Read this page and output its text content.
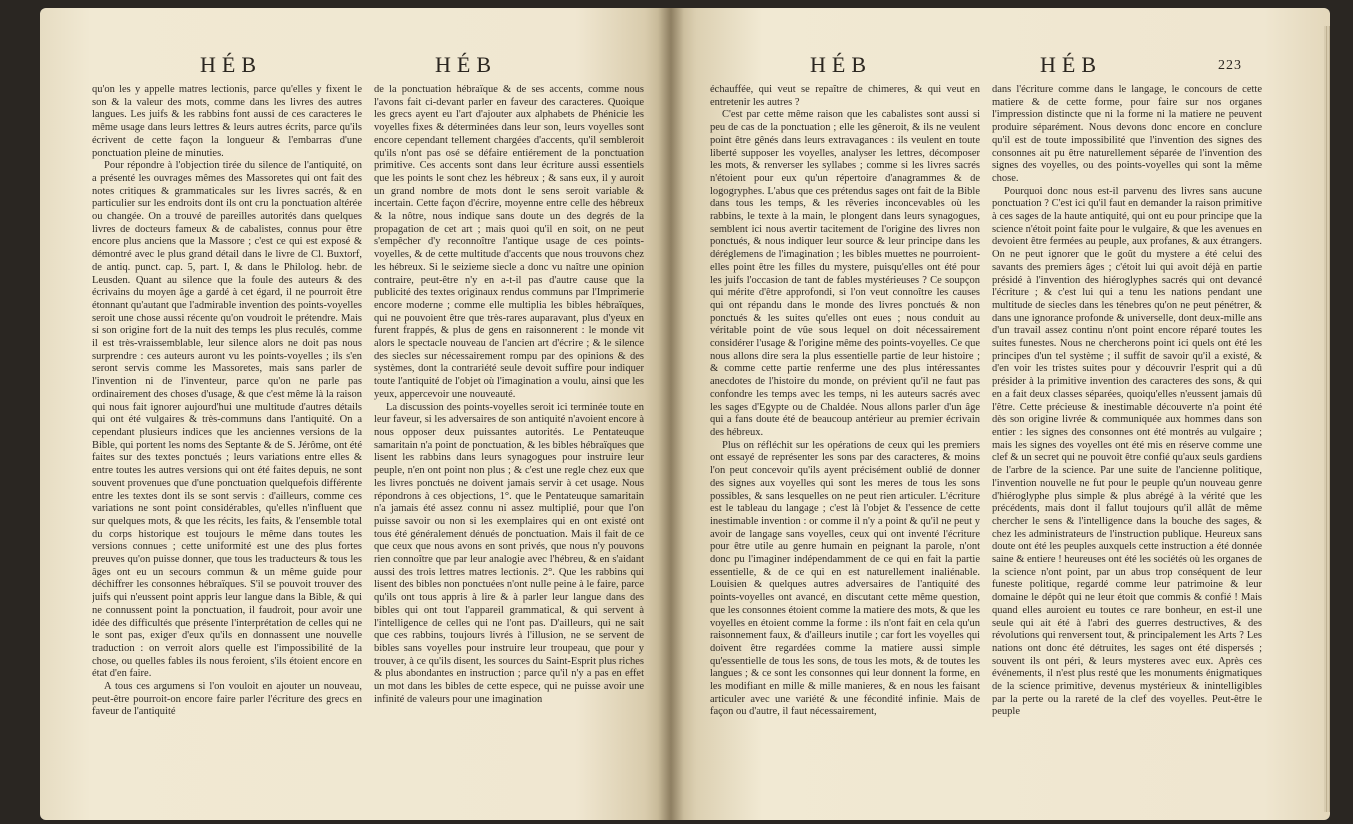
HÉB	HÉB

qu'on les y appelle matres lectionis, parce qu'elles y fixent le son & la valeur des mots, comme dans les livres des autres langues. Les juifs & les rabbins font aussi de ces caracteres le même usage dans leurs lettres & leurs autres écrits, parce qu'ils écrivent de cette façon la longueur & l'embarras d'une ponctuation pleine de minuties.

Pour répondre à l'objection tirée du silence de l'antiquité, on a présenté les ouvrages mêmes des Massoretes qui ont fait des notes critiques & grammaticales sur les livres sacrés, & en particulier sur les endroits dont ils ont cru la ponctuation altérée ou changée. On a trouvé de pareilles autorités dans quelques livres de docteurs fameux & de cabalistes, connus pour être encore plus anciens que la Massore ; c'est ce qui est exposé & démontré avec le plus grand détail dans le livre de Cl. Buxtorf, de antiq. punct. cap. 5, part. I, & dans le Philolog. hebr. de Leusden. Quant au silence que la foule des auteurs & des écrivains du moyen âge a gardé à cet égard, il ne pourroit être étonnant qu'autant que l'admirable invention des points-voyelles seroit une chose aussi récente qu'on voudroit le prétendre. Mais si son origine fort de la nuit des temps les plus reculés, comme il est très-vraissemblable, leur silence alors ne doit pas nous surprendre : ces auteurs auront vu les points-voyelles ; ils s'en seront servis comme les Massoretes, mais sans parler de l'invention ni de l'inventeur, parce qu'on ne parle pas ordinairement des choses d'usage, & que c'est même là la raison qui nous fait ignorer aujourd'hui une multitude d'autres détails qui ont été vulgaires & très-communs dans l'antiquité. On a cependant plusieurs indices que les anciennes versions de la Bible, qui portent les noms des Septante & de S. Jérôme, ont été faites sur des textes ponctués ; leurs variations entre elles & entre toutes les autres versions qui ont été faites depuis, ne sont souvent provenues que d'une ponctuation quelquefois différente entre les textes dont ils se sont servis : d'ailleurs, comme ces variations ne sont point considérables, qu'elles n'influent que sur quelques mots, & que les récits, les faits, & l'ensemble total du corps historique est toujours le même dans toutes les versions connues ; cette uniformité est une des plus fortes preuves qu'on puisse donner, que tous les traducteurs & tous les âges ont eu un secours commun & un même guide pour déchiffrer les consonnes hébraïques. S'il se pouvoit trouver des juifs qui n'eussent point appris leur langue dans la Bible, & qui ne connussent point la ponctuation, il faudroit, pour avoir une idée des difficultés que présente l'interprétation de celles qui ne le sont pas, exiger d'eux qu'ils en donnassent une nouvelle traduction : on verroit alors quelle est l'impossibilité de la chose, ou quelles fables ils nous feroient, s'ils étoient encore en état d'en faire.

A tous ces argumens si l'on vouloit en ajouter un nouveau, peut-être pourroit-on encore faire parler l'écriture des grecs en faveur de l'antiquité

de la ponctuation hébraïque & de ses accents, comme nous l'avons fait ci-devant parler en faveur des caracteres. Quoique les grecs ayent eu l'art d'ajouter aux alphabets de Phénicie les voyelles fixes & déterminées dans leur son, leurs voyelles sont encore cependant tellement chargées d'accents, qu'il sembleroit qu'ils n'ont pas osé se défaire entiérement de la ponctuation primitive. Ces accents sont dans leur écriture aussi essentiels que les points le sont chez les hébreux ; & sans eux, il y auroit un grand nombre de mots dont le sens seroit variable & incertain. Cette façon d'écrire, moyenne entre celle des hébreux & la nôtre, nous indique sans doute un des degrés de la propagation de cet art ; mais quoi qu'il en soit, on ne peut s'empêcher d'y reconnoître l'antique usage de ces points-voyelles, & de cette multitude d'accents que nous trouvons chez les hébreux. Si le seizieme siecle a donc vu naître une opinion contraire, peut-être n'y en a-t-il pas d'autre cause que la publicité des textes originaux rendus communs par l'Imprimerie encore moderne ; comme elle multiplia les bibles hébraïques, qui ne pouvoient être que très-rares auparavant, plus d'yeux en furent frappés, & plus de gens en raisonnerent : le monde vit alors le spectacle nouveau de l'ancien art d'écrire ; & le silence des siecles sur nécessairement rompu par des opinions & des systèmes, dont la contrariété seule devoit suffire pour indiquer toute l'antiquité de l'objet où l'imagination a voulu, ainsi que les yeux, appercevoir une nouveauté.

La discussion des points-voyelles seroit ici terminée toute en leur faveur, si les adversaires de son antiquité n'avoient encore à nous opposer deux puissantes autorités. Le Pentateuque samaritain n'a point de ponctuation, & les bibles hébraïques que lisent les rabbins dans leurs synagogues pour instruire leur peuple, n'en ont point non plus ; & c'est une regle chez eux que les livres ponctués ne doivent jamais servir à cet usage. Nous répondrons à ces objections, 1°. que le Pentateuque samaritain n'a jamais été assez connu ni assez multiplié, pour que l'on puisse savoir ou non si les exemplaires qui en ont existé ont tous été généralement dénués de ponctuation. Mais il fait de ce que ceux que nous avons en sont privés, que nous n'y pouvons rien connoître que par leur analogie avec l'hébreu, & en s'aidant aussi des trois lettres matres lectionis. 2°. Que les rabbins qui lisent des bibles non ponctuées n'ont nulle peine à le faire, parce qu'ils ont tous appris à lire & à parler leur langue dans des bibles qui ont tout l'appareil grammatical, & qui servent à l'intelligence de celles qui ne l'ont pas. D'ailleurs, qui ne sait que ces rabbins, toujours livrés à l'illusion, ne se servent de bibles sans voyelles pour instruire leur troupeau, que pour y trouver, à ce qu'ils disent, les sources du Saint-Esprit plus riches & plus abondantes en instruction ; parce qu'il n'y a pas en effet un mot dans les bibles de cette espece, qui ne puisse avoir une infinité de valeurs pour une imagination

HÉB	HÉB	223

échauffée, qui veut se repaître de chimeres, & qui veut en entretenir les autres ?

C'est par cette même raison que les cabalistes sont aussi si peu de cas de la ponctuation ; elle les gêneroit, & ils ne veulent point être gênés dans leurs extravagances : ils veulent en toute liberté supposer les voyelles, analyser les lettres, décomposer les mots, & renverser les syllabes ; comme si les livres sacrés n'étoient pour eux qu'un répertoire d'anagrammes & de logogryphes. L'abus que ces prétendus sages ont fait de la Bible dans tous les temps, & les rêveries inconcevables où les rabbins, le texte à la main, le plongent dans leurs synagogues, semblent ici nous avertir tacitement de l'origine des livres non ponctués, & nous indiquer leur source & leur principe dans les déréglemens de l'imagination ; les bibles muettes ne pourroient-elles point être les filles du mystere, puisqu'elles ont été pour les juifs l'occasion de tant de fables mystérieuses ? Ce soupçon qui mérite d'être approfondi, si l'on veut connoître les causes qui ont répandu dans le monde des livres ponctués & non ponctués & les suites qu'elles ont eues ; nous conduit au véritable point de vûe sous lequel on doit nécessairement considérer l'usage & l'origine même des points-voyelles. Ce que nous allons dire sera la plus essentielle partie de leur histoire ; & comme cette partie renferme une des plus intéressantes anecdotes de l'histoire du monde, on prévient qu'il ne faut pas confondre les temps avec les temps, ni les auteurs sacrés avec les sages d'Egypte ou de Chaldée. Nous allons parler d'un âge qui a fans doute été de beaucoup antérieur au premier écrivain des hébreux.

Plus on réfléchit sur les opérations de ceux qui les premiers ont essayé de représenter les sons par des caracteres, & moins l'on peut concevoir qu'ils ayent précisément oublié de donner des signes aux voyelles qui sont les meres de tous les sons possibles, & sans lesquelles on ne peut rien articuler. L'écriture est le tableau du langage ; c'est là l'objet & l'essence de cette inestimable invention : or comme il n'y a point & qu'il ne peut y avoir de langage sans voyelles, ceux qui ont inventé l'écriture pour être utile au genre humain en peignant la parole, n'ont donc pu l'imaginer indépendamment de ce qui en fait la partie essentielle, & de ce qui en est naturellement inaliénable. Louisien & quelques autres adversaires de l'antiquité des points-voyelles ont avancé, en discutant cette même question, que les consonnes étoient comme la matiere des mots, & que les voyelles en étoient comme la forme : ils n'ont fait en cela qu'un raisonnement faux, & d'ailleurs inutile ; car fort les voyelles qui doivent être regardées comme la matiere aussi simple qu'essentielle de tous les sons, de tous les mots, & de toutes les langues ; & ce sont les consonnes qui leur donnent la forme, en les modifiant en mille & mille manieres, & en nous les faisant articuler avec une variété & une fécondité infinie. Mais de façon ou d'autre, il faut nécessairement,

dans l'écriture comme dans le langage, le concours de cette matiere & de cette forme, pour faire sur nos organes l'impression distincte que ni la forme ni la matiere ne peuvent produire séparément. Nous devons donc encore en conclure qu'il est de toute impossibilité que l'invention des signes des consonnes ait pu être naturellement séparée de l'invention des signes des voyelles, ou des points-voyelles qui sont la même chose.

Pourquoi donc nous est-il parvenu des livres sans aucune ponctuation ? C'est ici qu'il faut en demander la raison primitive à ces sages de la haute antiquité, qui ont eu pour principe que la science n'étoit point faite pour le vulgaire, & que les avenues en devoient être fermées au peuple, aux profanes, & aux étrangers. On ne peut ignorer que le goût du mystere a été celui des savants des premiers âges ; c'étoit lui qui avoit déjà en partie présidé à l'invention des hiéroglyphes sacrés qui ont devancé l'écriture ; & c'est lui qui a tenu les nations pendant une multitude de siecles dans les ténebres qu'on ne peut pénétrer, & dans une ignorance profonde & universelle, dont deux-mille ans d'un travail assez continu n'ont point encore réparé toutes les suites funestes. Nous ne chercherons point ici quels ont été les principes d'un tel système ; il suffit de savoir qu'il a existé, & d'en voir les tristes suites pour y découvrir l'esprit qui a dû présider à la primitive invention des caracteres des sons, & qui en a fait deux classes séparées, quoiqu'elles n'eussent jamais dû l'être. Cette précieuse & inestimable découverte n'a point été dès son origine livrée & communiquée aux hommes dans son entier : les signes des consonnes ont été montrés au vulgaire ; mais les signes des voyelles ont été mis en réserve comme une clef & un secret qui ne pouvoit être confié qu'aux seuls gardiens de l'arbre de la science. Par une suite de l'ancienne politique, l'invention nouvelle ne fut pour le peuple qu'un nouveau genre d'hiéroglyphe plus simple & plus abrégé à la vérité que les précédents, mais dont il fallut toujours qu'il allât de même chercher le sens & l'intelligence dans la bouche des sages, & chez les administrateurs de l'instruction publique. Heureux sans doute ont été les peuples auxquels cette instruction a été donnée saine & entiere ! heureuses ont été les sociétés où les organes de la science n'ont point, par un abus trop conséquent de leur funeste politique, regardé comme leur patrimoine & leur domaine le dépôt qui ne leur étoit que commis & confié ! Mais quand elles auroient eu toutes ce rare bonheur, en est-il une seule qui ait été à l'abri des guerres destructives, & des révolutions qui renversent tout, & principalement les Arts ? Les nations ont donc été détruites, les sages ont été dispersés ; souvent ils ont péri, & leurs mysteres avec eux. Après ces événements, il n'est plus resté que les monuments énigmatiques de la science primitive, devenus mystérieux & inintelligibles par la perte ou la rareté de la clef des voyelles. Peut-être le peuple
